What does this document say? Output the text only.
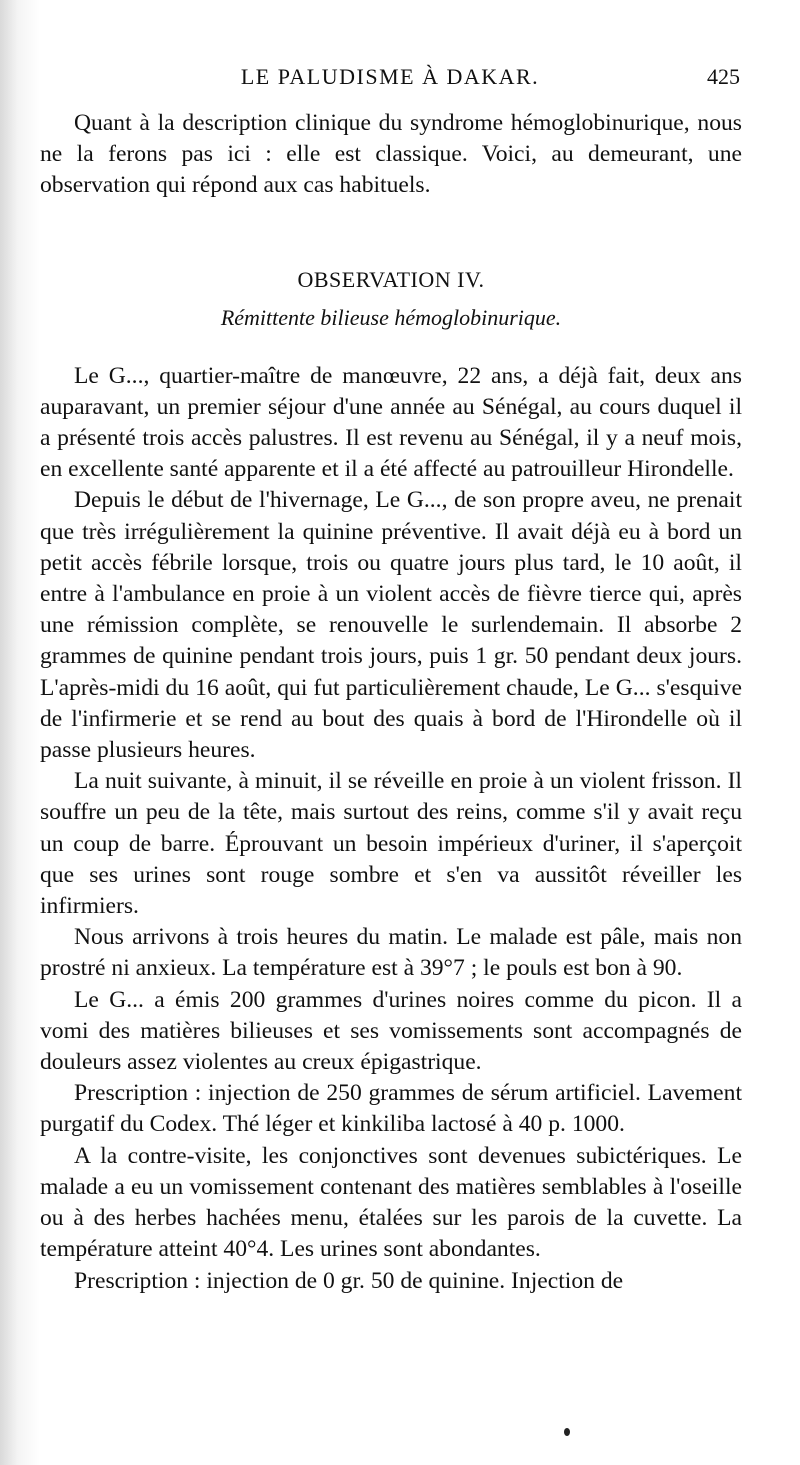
LE PALUDISME À DAKAR.	425

Quant à la description clinique du syndrome hémoglobinurique, nous ne la ferons pas ici : elle est classique. Voici, au demeurant, une observation qui répond aux cas habituels.

OBSERVATION IV.
Rémittente bilieuse hémoglobinurique.

Le G..., quartier-maître de manœuvre, 22 ans, a déjà fait, deux ans auparavant, un premier séjour d'une année au Sénégal, au cours duquel il a présenté trois accès palustres. Il est revenu au Sénégal, il y a neuf mois, en excellente santé apparente et il a été affecté au patrouilleur Hirondelle.

Depuis le début de l'hivernage, Le G..., de son propre aveu, ne prenait que très irrégulièrement la quinine préventive. Il avait déjà eu à bord un petit accès fébrile lorsque, trois ou quatre jours plus tard, le 10 août, il entre à l'ambulance en proie à un violent accès de fièvre tierce qui, après une rémission complète, se renouvelle le surlendemain. Il absorbe 2 grammes de quinine pendant trois jours, puis 1 gr. 50 pendant deux jours. L'après-midi du 16 août, qui fut particulièrement chaude, Le G... s'esquive de l'infirmerie et se rend au bout des quais à bord de l'Hirondelle où il passe plusieurs heures.

La nuit suivante, à minuit, il se réveille en proie à un violent frisson. Il souffre un peu de la tête, mais surtout des reins, comme s'il y avait reçu un coup de barre. Éprouvant un besoin impérieux d'uriner, il s'aperçoit que ses urines sont rouge sombre et s'en va aussitôt réveiller les infirmiers.

Nous arrivons à trois heures du matin. Le malade est pâle, mais non prostré ni anxieux. La température est à 39°7 ; le pouls est bon à 90.

Le G... a émis 200 grammes d'urines noires comme du picon. Il a vomi des matières bilieuses et ses vomissements sont accompagnés de douleurs assez violentes au creux épigastrique.

Prescription : injection de 250 grammes de sérum artificiel. Lavement purgatif du Codex. Thé léger et kinkiliba lactosé à 40 p. 1000.

A la contre-visite, les conjonctives sont devenues subictériques. Le malade a eu un vomissement contenant des matières semblables à l'oseille ou à des herbes hachées menu, étalées sur les parois de la cuvette. La température atteint 40°4. Les urines sont abondantes.

Prescription : injection de 0 gr. 50 de quinine. Injection de
